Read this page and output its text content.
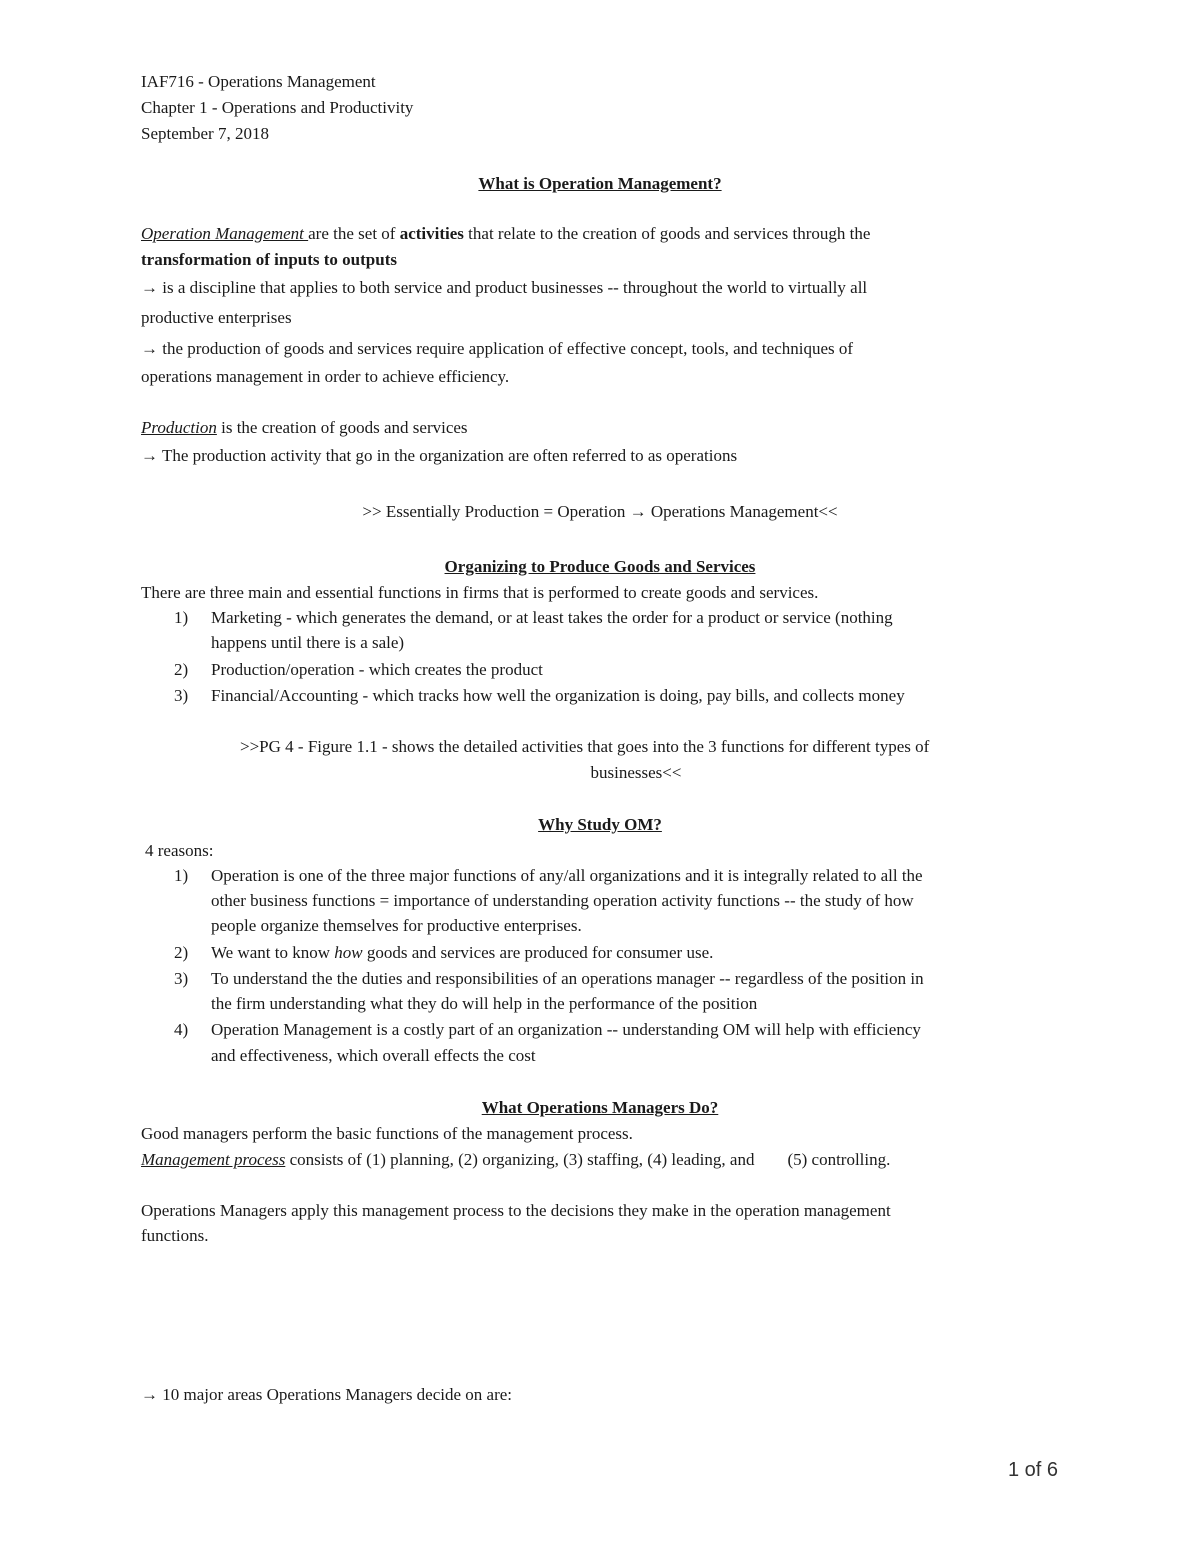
IAF716 - Operations Management
Chapter 1 - Operations and Productivity
September 7, 2018
What is Operation Management?
Operation Management are the set of activities that relate to the creation of goods and services through the
transformation of inputs to outputs
→ is a discipline that applies to both service and product businesses -- throughout the world to virtually all
productive enterprises
→ the production of goods and services require application of effective concept, tools, and techniques of
operations management in order to achieve efficiency.
Production is the creation of goods and services
→ The production activity that go in the organization are often referred to as operations
>> Essentially Production = Operation → Operations Management<<
Organizing to Produce Goods and Services
There are three main and essential functions in firms that is performed to create goods and services.
1) Marketing - which generates the demand, or at least takes the order for a product or service (nothing
happens until there is a sale)
2) Production/operation - which creates the product
3) Financial/Accounting - which tracks how well the organization is doing, pay bills, and collects money
>>PG 4 - Figure 1.1 - shows the detailed activities that goes into the 3 functions for different types of
businesses<<
Why Study OM?
4 reasons:
1) Operation is one of the three major functions of any/all organizations and it is integrally related to all the
other business functions = importance of understanding operation activity functions -- the study of how
people organize themselves for productive enterprises.
2) We want to know how goods and services are produced for consumer use.
3) To understand the the duties and responsibilities of an operations manager -- regardless of the position in
the firm understanding what they do will help in the performance of the position
4) Operation Management is a costly part of an organization -- understanding OM will help with efficiency
and effectiveness, which overall effects the cost
What Operations Managers Do?
Good managers perform the basic functions of the management process.
Management process consists of (1) planning, (2) organizing, (3) staffing, (4) leading, and (5) controlling.
Operations Managers apply this management process to the decisions they make in the operation management
functions.
→ 10 major areas Operations Managers decide on are:
1 of 6
